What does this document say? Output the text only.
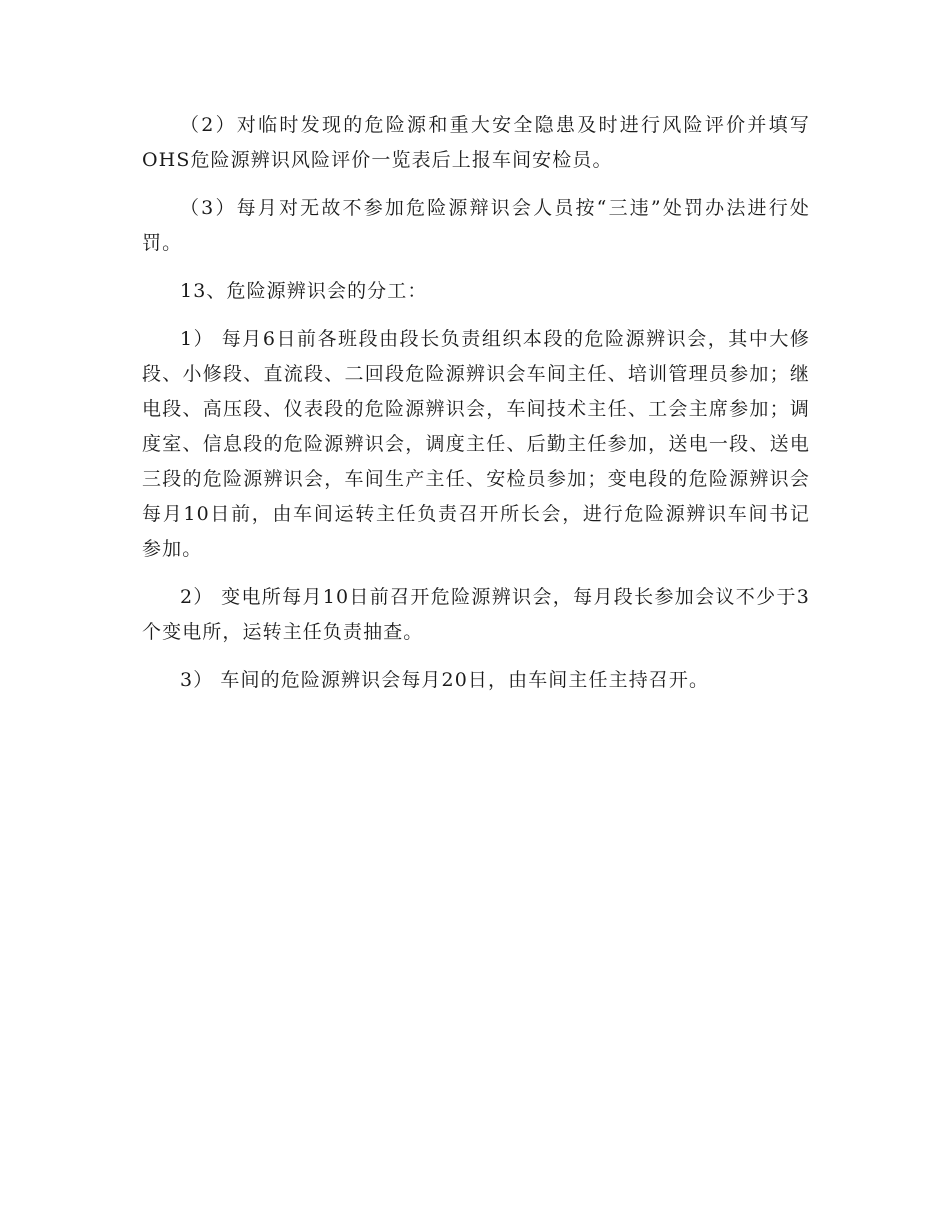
（2）对临时发现的危险源和重大安全隐患及时进行风险评价并填写OHS危险源辨识风险评价一览表后上报车间安检员。

（3）每月对无故不参加危险源辩识会人员按“三违”处罚办法进行处罚。

13、危险源辨识会的分工：

1） 每月6日前各班段由段长负责组织本段的危险源辨识会，其中大修段、小修段、直流段、二回段危险源辨识会车间主任、培训管理员参加；继电段、高压段、仪表段的危险源辨识会，车间技术主任、工会主席参加；调度室、信息段的危险源辨识会，调度主任、后勤主任参加，送电一段、送电三段的危险源辨识会，车间生产主任、安检员参加；变电段的危险源辨识会每月10日前，由车间运转主任负责召开所长会，进行危险源辨识车间书记参加。

2） 变电所每月10日前召开危险源辨识会，每月段长参加会议不少于3个变电所，运转主任负责抽查。

3） 车间的危险源辨识会每月20日，由车间主任主持召开。
